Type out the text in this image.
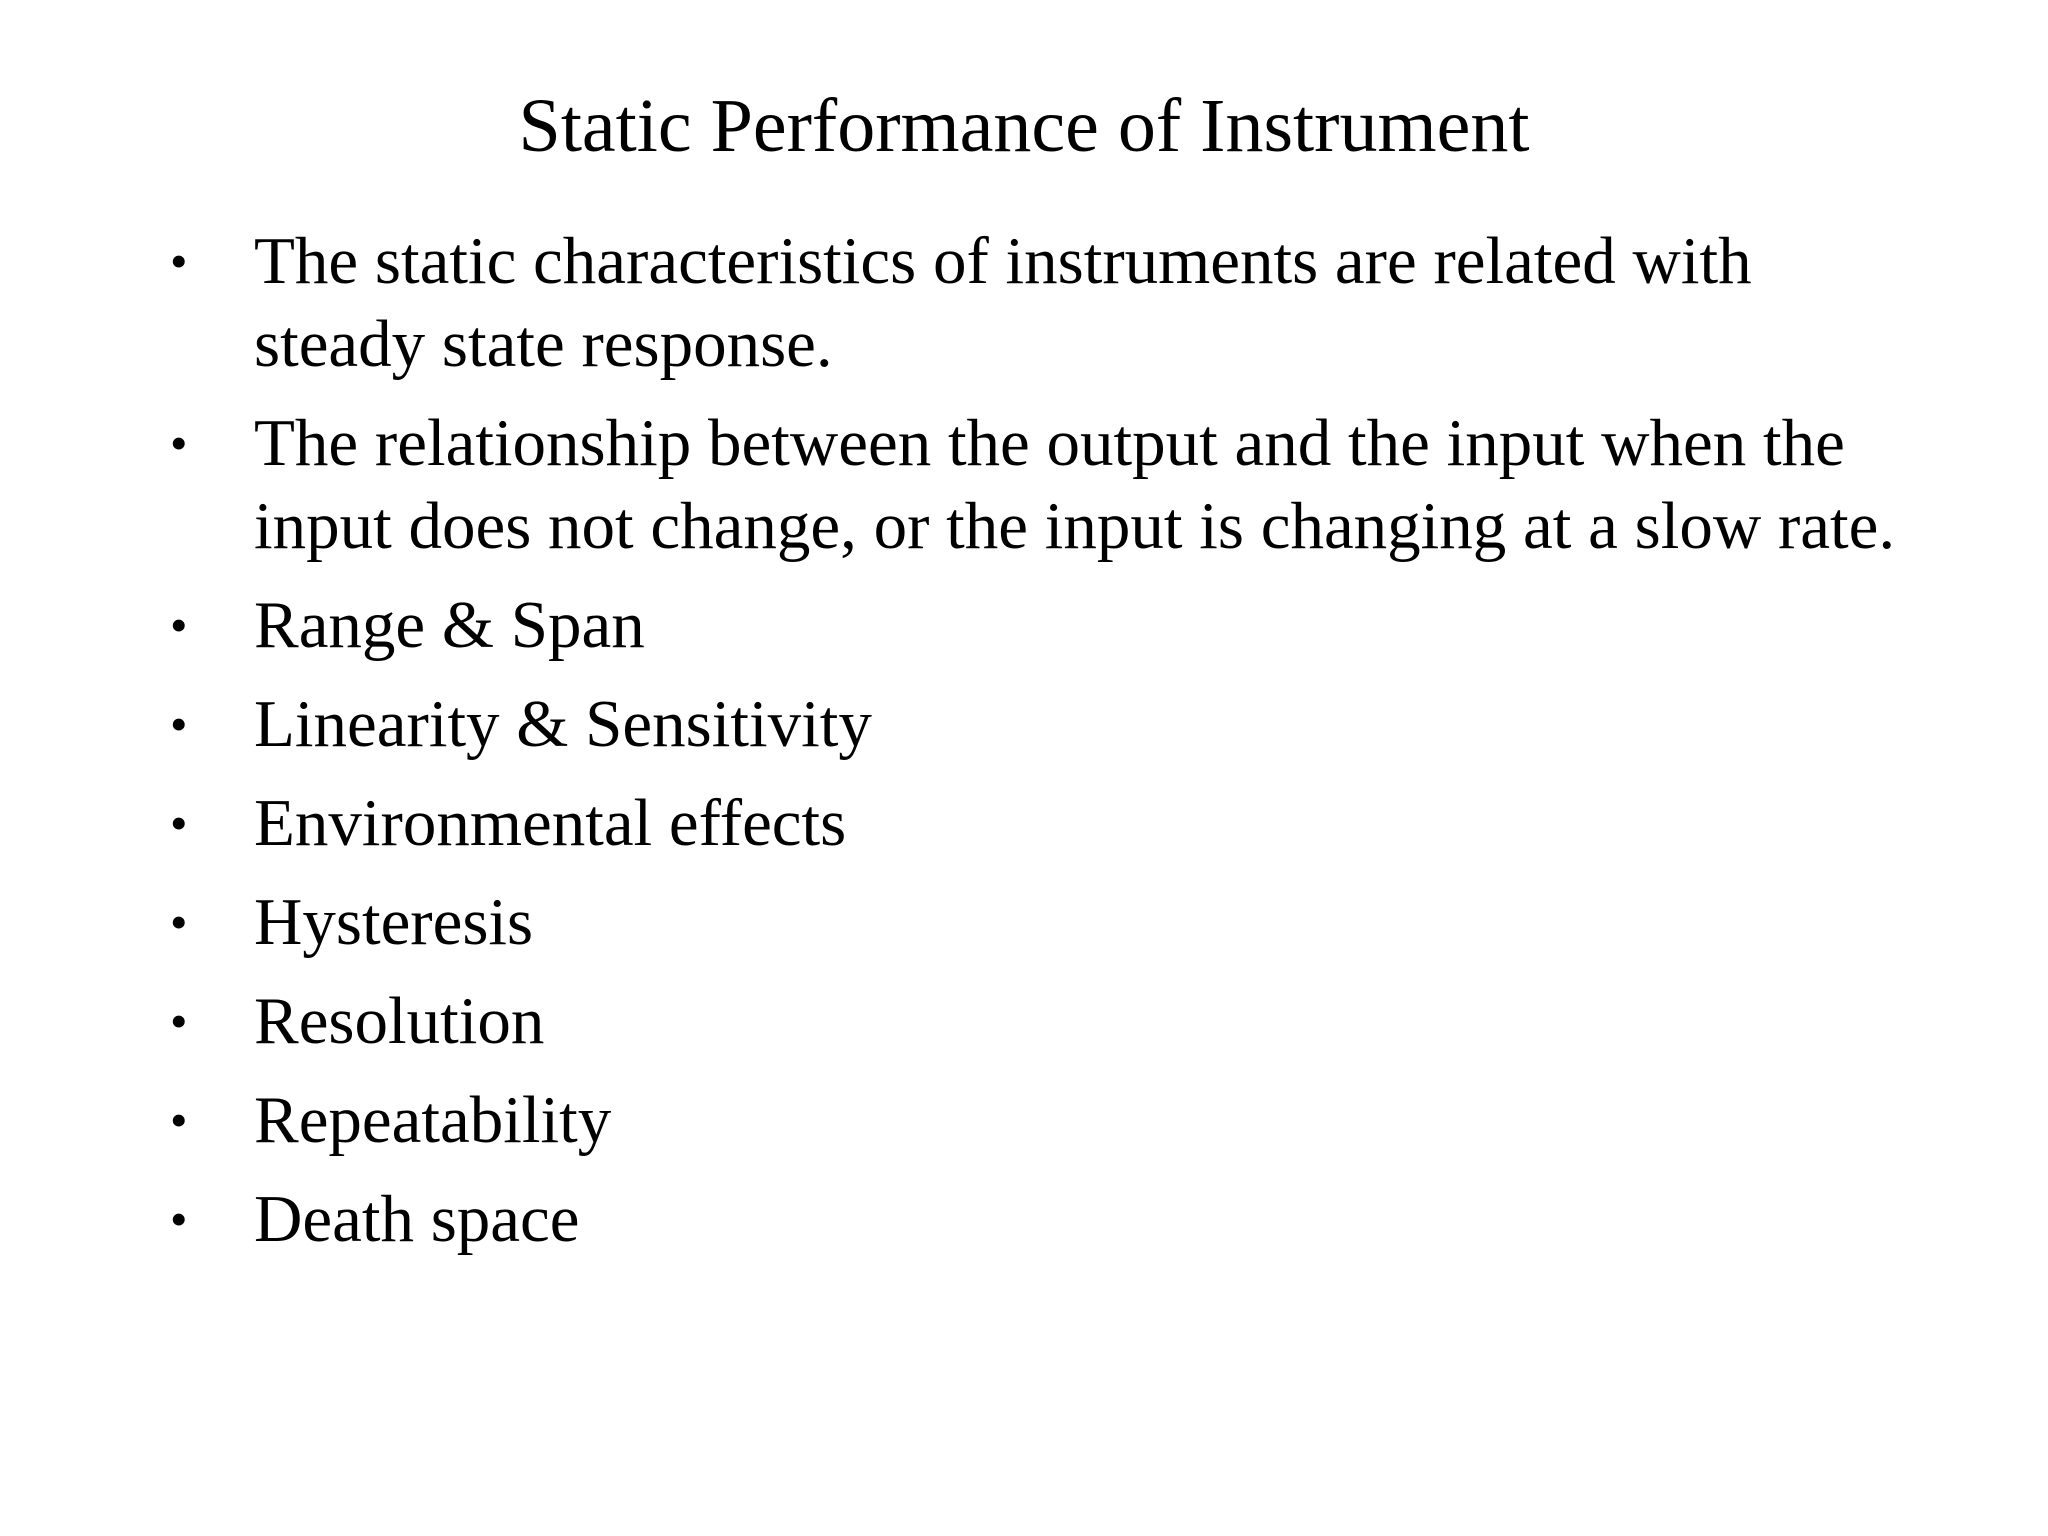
Static Performance of Instrument
• The static characteristics of instruments are related with steady state response.
• The relationship between the output and the input when the input does not change, or the input is changing at a slow rate.
• Range & Span
• Linearity & Sensitivity
• Environmental effects
• Hysteresis
• Resolution
• Repeatability
• Death space
